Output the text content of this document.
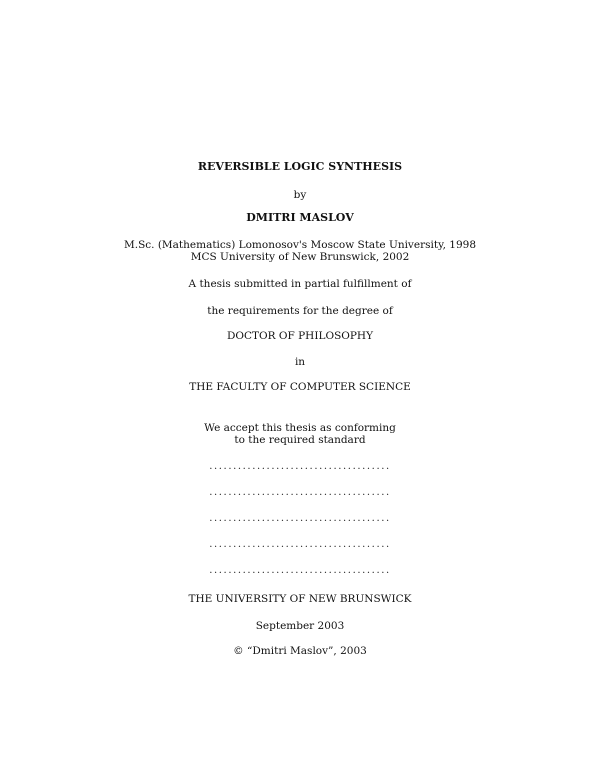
REVERSIBLE LOGIC SYNTHESIS
by
DMITRI MASLOV
M.Sc. (Mathematics) Lomonosov's Moscow State University, 1998
MCS University of New Brunswick, 2002
A thesis submitted in partial fulfillment of
the requirements for the degree of
DOCTOR OF PHILOSOPHY
in
THE FACULTY OF COMPUTER SCIENCE
We accept this thesis as conforming
to the required standard
......................................
......................................
......................................
......................................
......................................
THE UNIVERSITY OF NEW BRUNSWICK
September 2003
© “Dmitri Maslov”, 2003
